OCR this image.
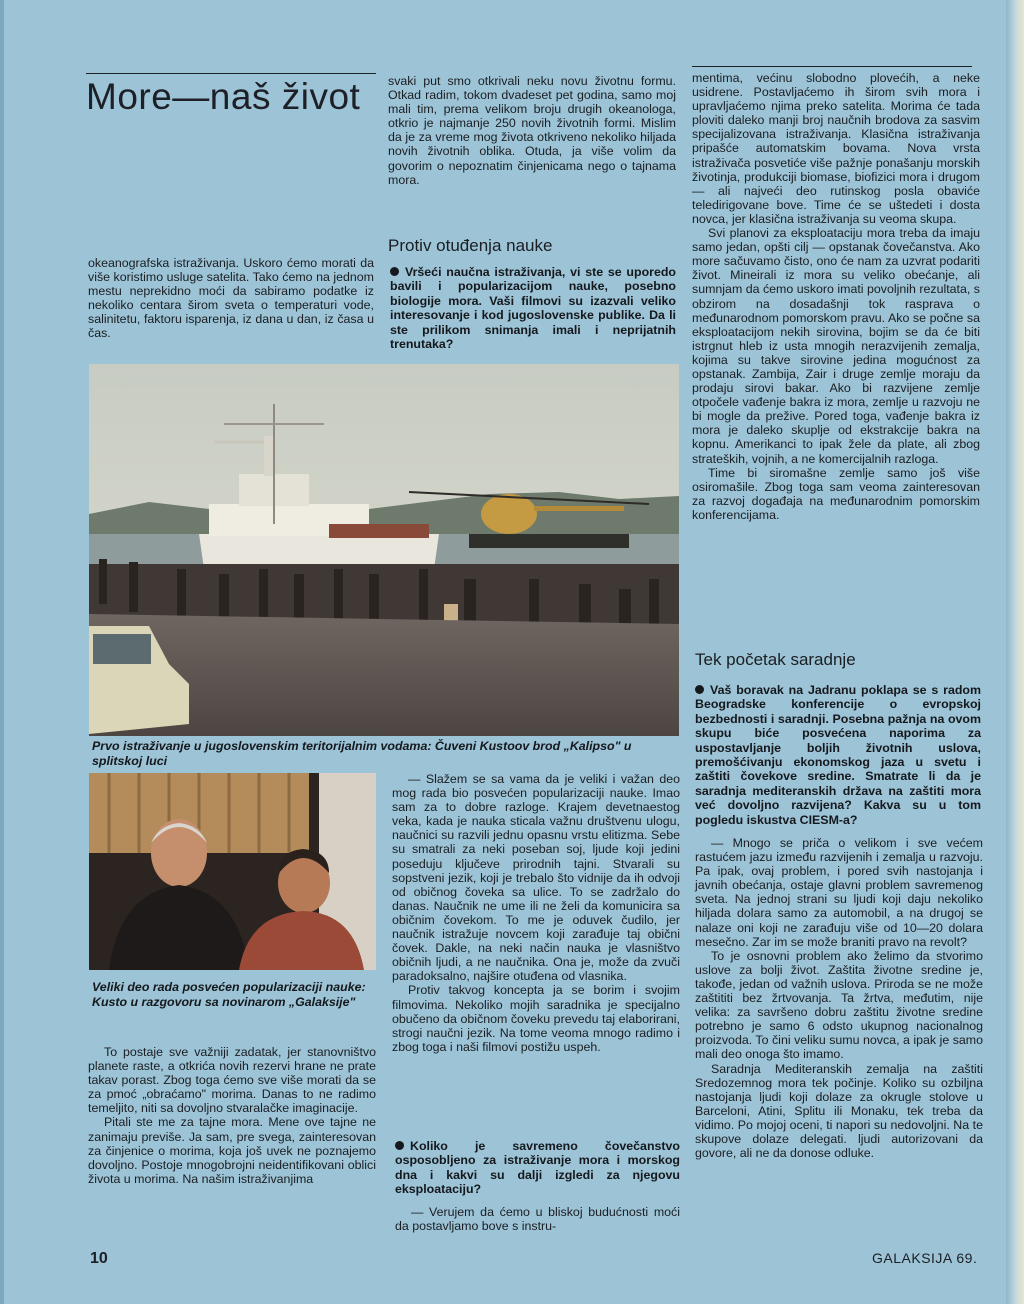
More—naš život

okeanografska istraživanja. Uskoro ćemo morati da više koristimo usluge satelita. Tako ćemo na jednom mestu neprekidno moći da sabiramo podatke iz nekoliko centara širom sveta o temperaturi vode, salinitetu, faktoru isparenja, iz dana u dan, iz časa u čas.

svaki put smo otkrivali neku novu životnu formu. Otkad radim, tokom dvadeset pet godina, samo moj mali tim, prema velikom broju drugih okeanologa, otkrio je najmanje 250 novih životnih formi. Mislim da je za vreme mog života otkriveno nekoliko hiljada novih životnih oblika. Otuda, ja više volim da govorim o nepoznatim činjenicama nego o tajnama mora.

Protiv otuđenja nauke
Vršeći naučna istraživanja, vi ste se uporedo bavili i popularizacijom nauke, posebno biologije mora. Vaši filmovi su izazvali veliko interesovanje i kod jugoslovenske publike. Da li ste prilikom snimanja imali i neprijatnih trenutaka?

mentima, većinu slobodno plovećih, a neke usidrene. Postavljaćemo ih širom svih mora i upravljaćemo njima preko satelita. Morima će tada ploviti daleko manji broj naučnih brodova za sasvim specijalizovana istraživanja. Klasična istraživanja pripašće automatskim bovama. Nova vrsta istraživača posvetiće više pažnje ponašanju morskih životinja, produkciji biomase, biofizici mora i drugom — ali najveći deo rutinskog posla obaviće teledirigovane bove. Time će se uštedeti i dosta novca, jer klasična istraživanja su veoma skupa.

Svi planovi za eksploataciju mora treba da imaju samo jedan, opšti cilj — opstanak čovečanstva. Ako more sačuvamo čisto, ono će nam za uzvrat podariti život. Mineirali iz mora su veliko obećanje, ali sumnjam da ćemo uskoro imati povoljnih rezultata, s obzirom na dosadašnji tok rasprava o međunarodnom pomorskom pravu. Ako se počne sa eksploatacijom nekih sirovina, bojim se da će biti istrgnut hleb iz usta mnogih nerazvijenih zemalja, kojima su takve sirovine jedina mogućnost za opstanak. Zambija, Zair i druge zemlje moraju da prodaju sirovi bakar. Ako bi razvijene zemlje otpočele vađenje bakra iz mora, zemlje u razvoju ne bi mogle da prežive. Pored toga, vađenje bakra iz mora je daleko skuplje od ekstrakcije bakra na kopnu. Amerikanci to ipak žele da plate, ali zbog strateških, vojnih, a ne komercijalnih razloga.

Time bi siromašne zemlje samo još više osiromašile. Zbog toga sam veoma zainteresovan za razvoj događaja na međunarodnim pomorskim konferencijama.

Tek početak saradnje
Vaš boravak na Jadranu poklapa se s radom Beogradske konferencije o evropskoj bezbednosti i saradnji. Posebna pažnja na ovom skupu biće posvećena naporima za uspostavljanje boljih životnih uslova, premošćivanju ekonomskog jaza u svetu i zaštiti čovekove sredine. Smatrate li da je saradnja mediteranskih država na zaštiti mora već dovoljno razvijena? Kakva su u tom pogledu iskustva CIESM-a?

— Mnogo se priča o velikom i sve većem rastućem jazu između razvijenih i zemalja u razvoju. Pa ipak, ovaj problem, i pored svih nastojanja i javnih obećanja, ostaje glavni problem savremenog sveta. Na jednoj strani su ljudi koji daju nekoliko hiljada dolara samo za automobil, a na drugoj se nalaze oni koji ne zarađuju više od 10—20 dolara mesečno. Zar im se može braniti pravo na revolt?

To je osnovni problem ako želimo da stvorimo uslove za bolji život. Zaštita životne sredine je, takođe, jedan od važnih uslova. Priroda se ne može zaštititi bez žrtvovanja. Ta žrtva, međutim, nije velika: za savršeno dobru zaštitu životne sredine potrebno je samo 6 odsto ukupnog nacionalnog proizvoda. To čini veliku sumu novca, a ipak je samo mali deo onoga što imamo.

Saradnja Mediteranskih zemalja na zaštiti Sredozemnog mora tek počinje. Koliko su ozbiljna nastojanja ljudi koji dolaze za okrugle stolove u Barceloni, Atini, Splitu ili Monaku, tek treba da vidimo. Po mojoj oceni, ti napori su nedovoljni. Na te skupove dolaze delegati. ljudi autorizovani da govore, ali ne da donose odluke.

Prvo istraživanje u jugoslovenskim teritorijalnim vodama: Čuveni Kustoov brod „Kalipso" u splitskoj luci
Veliki deo rada posvećen popularizaciji nauke: Kusto u razgovoru sa novinarom „Galaksije"

To postaje sve važniji zadatak, jer stanovništvo planete raste, a otkrića novih rezervi hrane ne prate takav porast. Zbog toga ćemo sve više morati da se za pmoć „obraćamo" morima. Danas to ne radimo temeljito, niti sa dovoljno stvaralačke imaginacije.

Pitali ste me za tajne mora. Mene ove tajne ne zanimaju previše. Ja sam, pre svega, zainteresovan za činjenice o morima, koja još uvek ne poznajemo dovoljno. Postoje mnogobrojni neidentifikovani oblici života u morima. Na našim istraživanjima

— Slažem se sa vama da je veliki i važan deo mog rada bio posvećen popularizaciji nauke. Imao sam za to dobre razloge. Krajem devetnaestog veka, kada je nauka sticala važnu društvenu ulogu, naučnici su razvili jednu opasnu vrstu elitizma. Sebe su smatrali za neki poseban soj, ljude koji jedini poseduju ključeve prirodnih tajni. Stvarali su sopstveni jezik, koji je trebalo što vidnije da ih odvoji od običnog čoveka sa ulice. To se zadržalo do danas. Naučnik ne ume ili ne želi da komunicira sa običnim čovekom. To me je oduvek čudilo, jer naučnik istražuje novcem koji zarađuje taj obični čovek. Dakle, na neki način nauka je vlasništvo običnih ljudi, a ne naučnika. Ona je, može da zvuči paradoksalno, najšire otuđena od vlasnika.

Protiv takvog koncepta ja se borim i svojim filmovima. Nekoliko mojih saradnika je specijalno obučeno da običnom čoveku prevedu taj elaborirani, strogi naučni jezik. Na tome veoma mnogo radimo i zbog toga i naši filmovi postižu uspeh.

Koliko je savremeno čovečanstvo osposobljeno za istraživanje mora i morskog dna i kakvi su dalji izgledi za njegovu eksploataciju?

— Verujem da ćemo u bliskoj budućnosti moći da postavljamo bove s instru-

10	GALAKSIJA 69.
